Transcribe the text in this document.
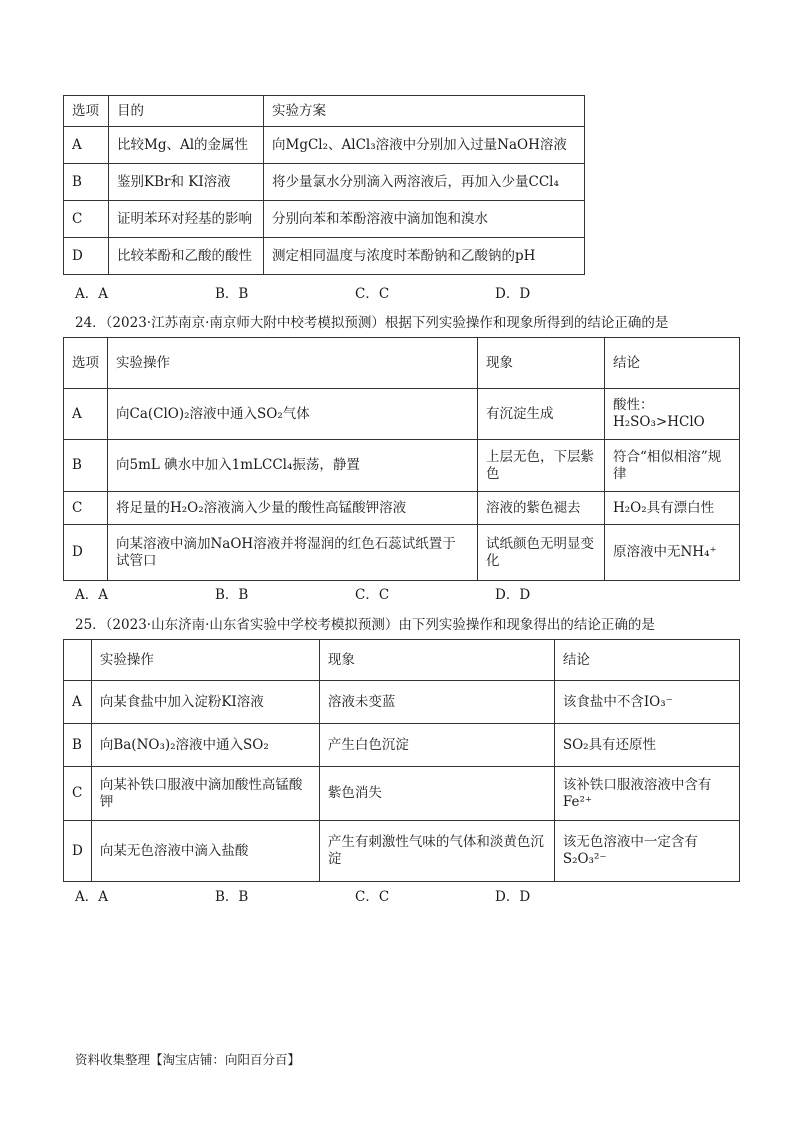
选项	目的	实验方案
A	比较Mg、Al的金属性	向MgCl₂、AlCl₃溶液中分别加入过量NaOH溶液
B	鉴别KBr和 KI溶液	将少量氯水分别滴入两溶液后，再加入少量CCl₄
C	证明苯环对羟基的影响	分别向苯和苯酚溶液中滴加饱和溴水
D	比较苯酚和乙酸的酸性	测定相同温度与浓度时苯酚钠和乙酸钠的pH
A．A	B．B	C．C	D．D
24．（2023·江苏南京·南京师大附中校考模拟预测）根据下列实验操作和现象所得到的结论正确的是
选项	实验操作	现象	结论
A	向Ca(ClO)₂溶液中通入SO₂气体	有沉淀生成	酸性：H₂SO₃>HClO
B	向5mL 碘水中加入1mLCCl₄振荡，静置	上层无色，下层紫色	符合“相似相溶”规律
C	将足量的H₂O₂溶液滴入少量的酸性高锰酸钾溶液	溶液的紫色褪去	H₂O₂具有漂白性
D	向某溶液中滴加NaOH溶液并将湿润的红色石蕊试纸置于试管口	试纸颜色无明显变化	原溶液中无NH₄⁺
A．A	B．B	C．C	D．D
25．（2023·山东济南·山东省实验中学校考模拟预测）由下列实验操作和现象得出的结论正确的是
	实验操作	现象	结论
A	向某食盐中加入淀粉KI溶液	溶液未变蓝	该食盐中不含IO₃⁻
B	向Ba(NO₃)₂溶液中通入SO₂	产生白色沉淀	SO₂具有还原性
C	向某补铁口服液中滴加酸性高锰酸钾	紫色消失	该补铁口服液溶液中含有Fe²⁺
D	向某无色溶液中滴入盐酸	产生有刺激性气味的气体和淡黄色沉淀	该无色溶液中一定含有S₂O₃²⁻
A．A	B．B	C．C	D．D
资料收集整理【淘宝店铺：向阳百分百】
